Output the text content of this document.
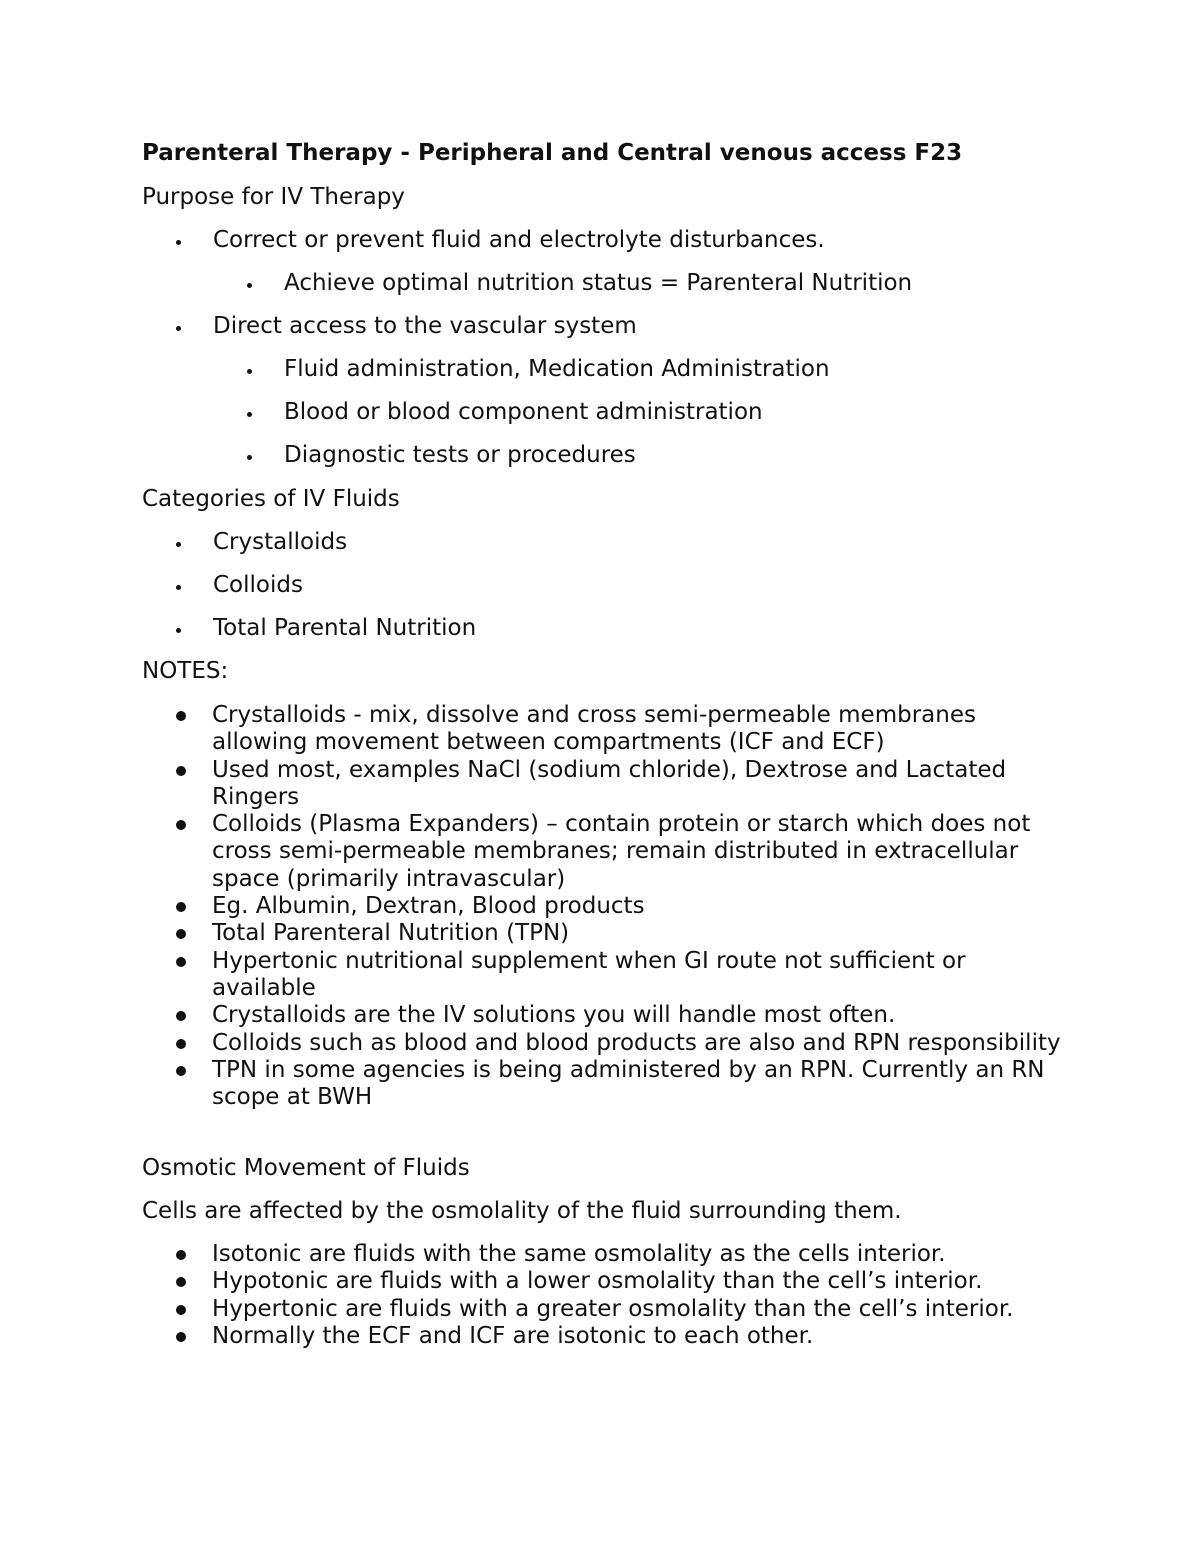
Parenteral Therapy - Peripheral and Central venous access F23
Purpose for IV Therapy
Correct or prevent fluid and electrolyte disturbances.
Achieve optimal nutrition status = Parenteral Nutrition
Direct access to the vascular system
Fluid administration, Medication Administration
Blood or blood component administration
Diagnostic tests or procedures
Categories of IV Fluids
Crystalloids
Colloids
Total Parental Nutrition
NOTES:
Crystalloids - mix, dissolve and cross semi-permeable membranes allowing movement between compartments (ICF and ECF)
Used most, examples NaCl (sodium chloride), Dextrose and Lactated Ringers
Colloids (Plasma Expanders) – contain protein or starch which does not cross semi-permeable membranes; remain distributed in extracellular space (primarily intravascular)
Eg. Albumin, Dextran, Blood products
Total Parenteral Nutrition (TPN)
Hypertonic nutritional supplement when GI route not sufficient or available
Crystalloids are the IV solutions you will handle most often.
Colloids such as blood and blood products are also and RPN responsibility
TPN in some agencies is being administered by an RPN. Currently an RN scope at BWH
Osmotic Movement of Fluids
Cells are affected by the osmolality of the fluid surrounding them.
Isotonic are fluids with the same osmolality as the cells interior.
Hypotonic are fluids with a lower osmolality than the cell’s interior.
Hypertonic are fluids with a greater osmolality than the cell’s interior.
Normally the ECF and ICF are isotonic to each other.
